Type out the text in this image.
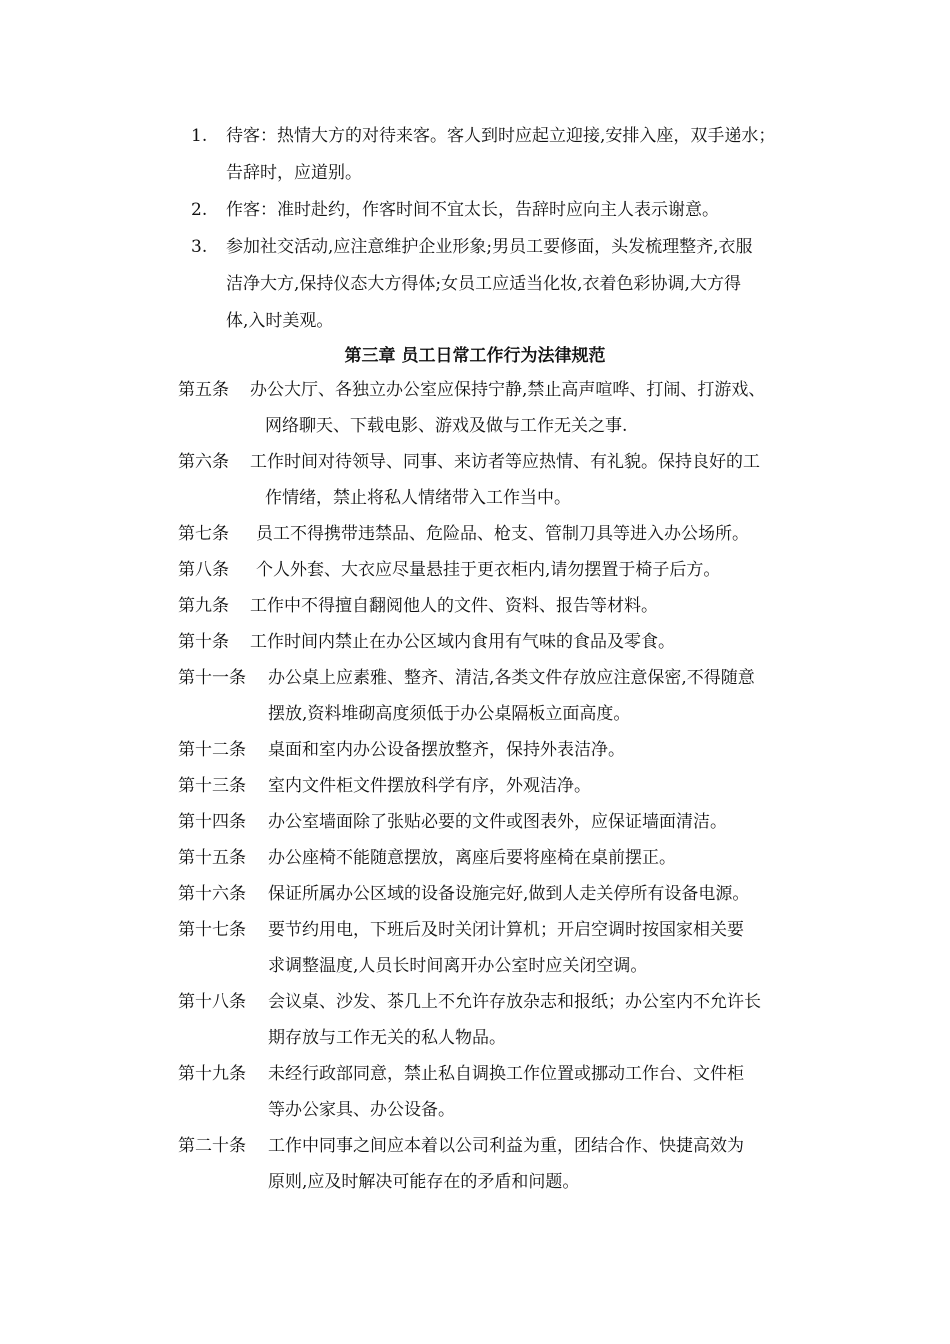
1. 待客：热情大方的对待来客。客人到时应起立迎接,安排入座，双手递水；

告辞时，应道别。
2. 作客：准时赴约，作客时间不宜太长，告辞时应向主人表示谢意。
3. 参加社交活动,应注意维护企业形象;男员工要修面，头发梳理整齐,衣服

洁净大方,保持仪态大方得体;女员工应适当化妆,衣着色彩协调,大方得
体,入时美观。
第三章 员工日常工作行为法律规范
第五条	办公大厅、各独立办公室应保持宁静,禁止高声喧哗、打闹、打游戏、
网络聊天、下载电影、游戏及做与工作无关之事.
第六条	工作时间对待领导、同事、来访者等应热情、有礼貌。保持良好的工
作情绪，禁止将私人情绪带入工作当中。
第七条	员工不得携带违禁品、危险品、枪支、管制刀具等进入办公场所。
第八条	个人外套、大衣应尽量悬挂于更衣柜内,请勿摆置于椅子后方。
第九条	工作中不得擅自翻阅他人的文件、资料、报告等材料。
第十条	工作时间内禁止在办公区域内食用有气味的食品及零食。
第十一条	办公桌上应素雅、整齐、清洁,各类文件存放应注意保密,不得随意
摆放,资料堆砌高度须低于办公桌隔板立面高度。
第十二条	桌面和室内办公设备摆放整齐，保持外表洁净。
第十三条	室内文件柜文件摆放科学有序，外观洁净。
第十四条	办公室墙面除了张贴必要的文件或图表外，应保证墙面清洁。
第十五条	办公座椅不能随意摆放，离座后要将座椅在桌前摆正。
第十六条	保证所属办公区域的设备设施完好,做到人走关停所有设备电源。
第十七条	要节约用电，下班后及时关闭计算机；开启空调时按国家相关要
求调整温度,人员长时间离开办公室时应关闭空调。
第十八条	会议桌、沙发、茶几上不允许存放杂志和报纸；办公室内不允许长
期存放与工作无关的私人物品。
第十九条	未经行政部同意，禁止私自调换工作位置或挪动工作台、文件柜
等办公家具、办公设备。
第二十条	工作中同事之间应本着以公司利益为重，团结合作、快捷高效为
原则,应及时解决可能存在的矛盾和问题。
